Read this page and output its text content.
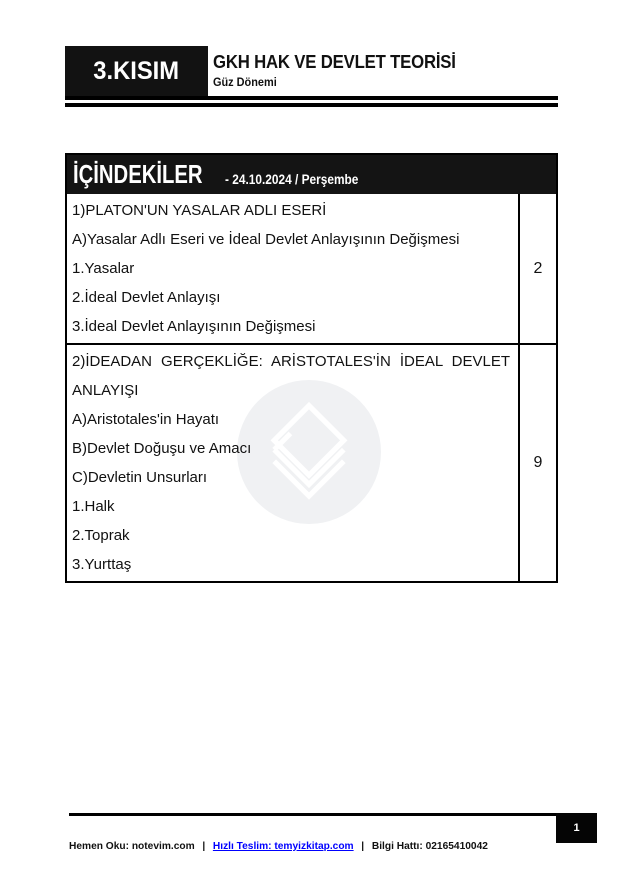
3.KISIM GKH HAK VE DEVLET TEORİSİ
Güz Dönemi
İÇİNDEKİLER - 24.10.2024 / Perşembe
1)PLATON'UN YASALAR ADLI ESERİ
A)Yasalar Adlı Eseri ve İdeal Devlet Anlayışının Değişmesi
1.Yasalar
2.İdeal Devlet Anlayışı
3.İdeal Devlet Anlayışının Değişmesi
2
2)İDEADAN GERÇEKLİĞE: ARİSTOTALES'İN İDEAL DEVLET ANLAYIŞI
A)Aristotales'in Hayatı
B)Devlet Doğuşu ve Amacı
C)Devletin Unsurları
1.Halk
2.Toprak
3.Yurttaş
9
1
Hemen Oku: notevim.com | Hızlı Teslim: temyizkitap.com | Bilgi Hattı: 02165410042
